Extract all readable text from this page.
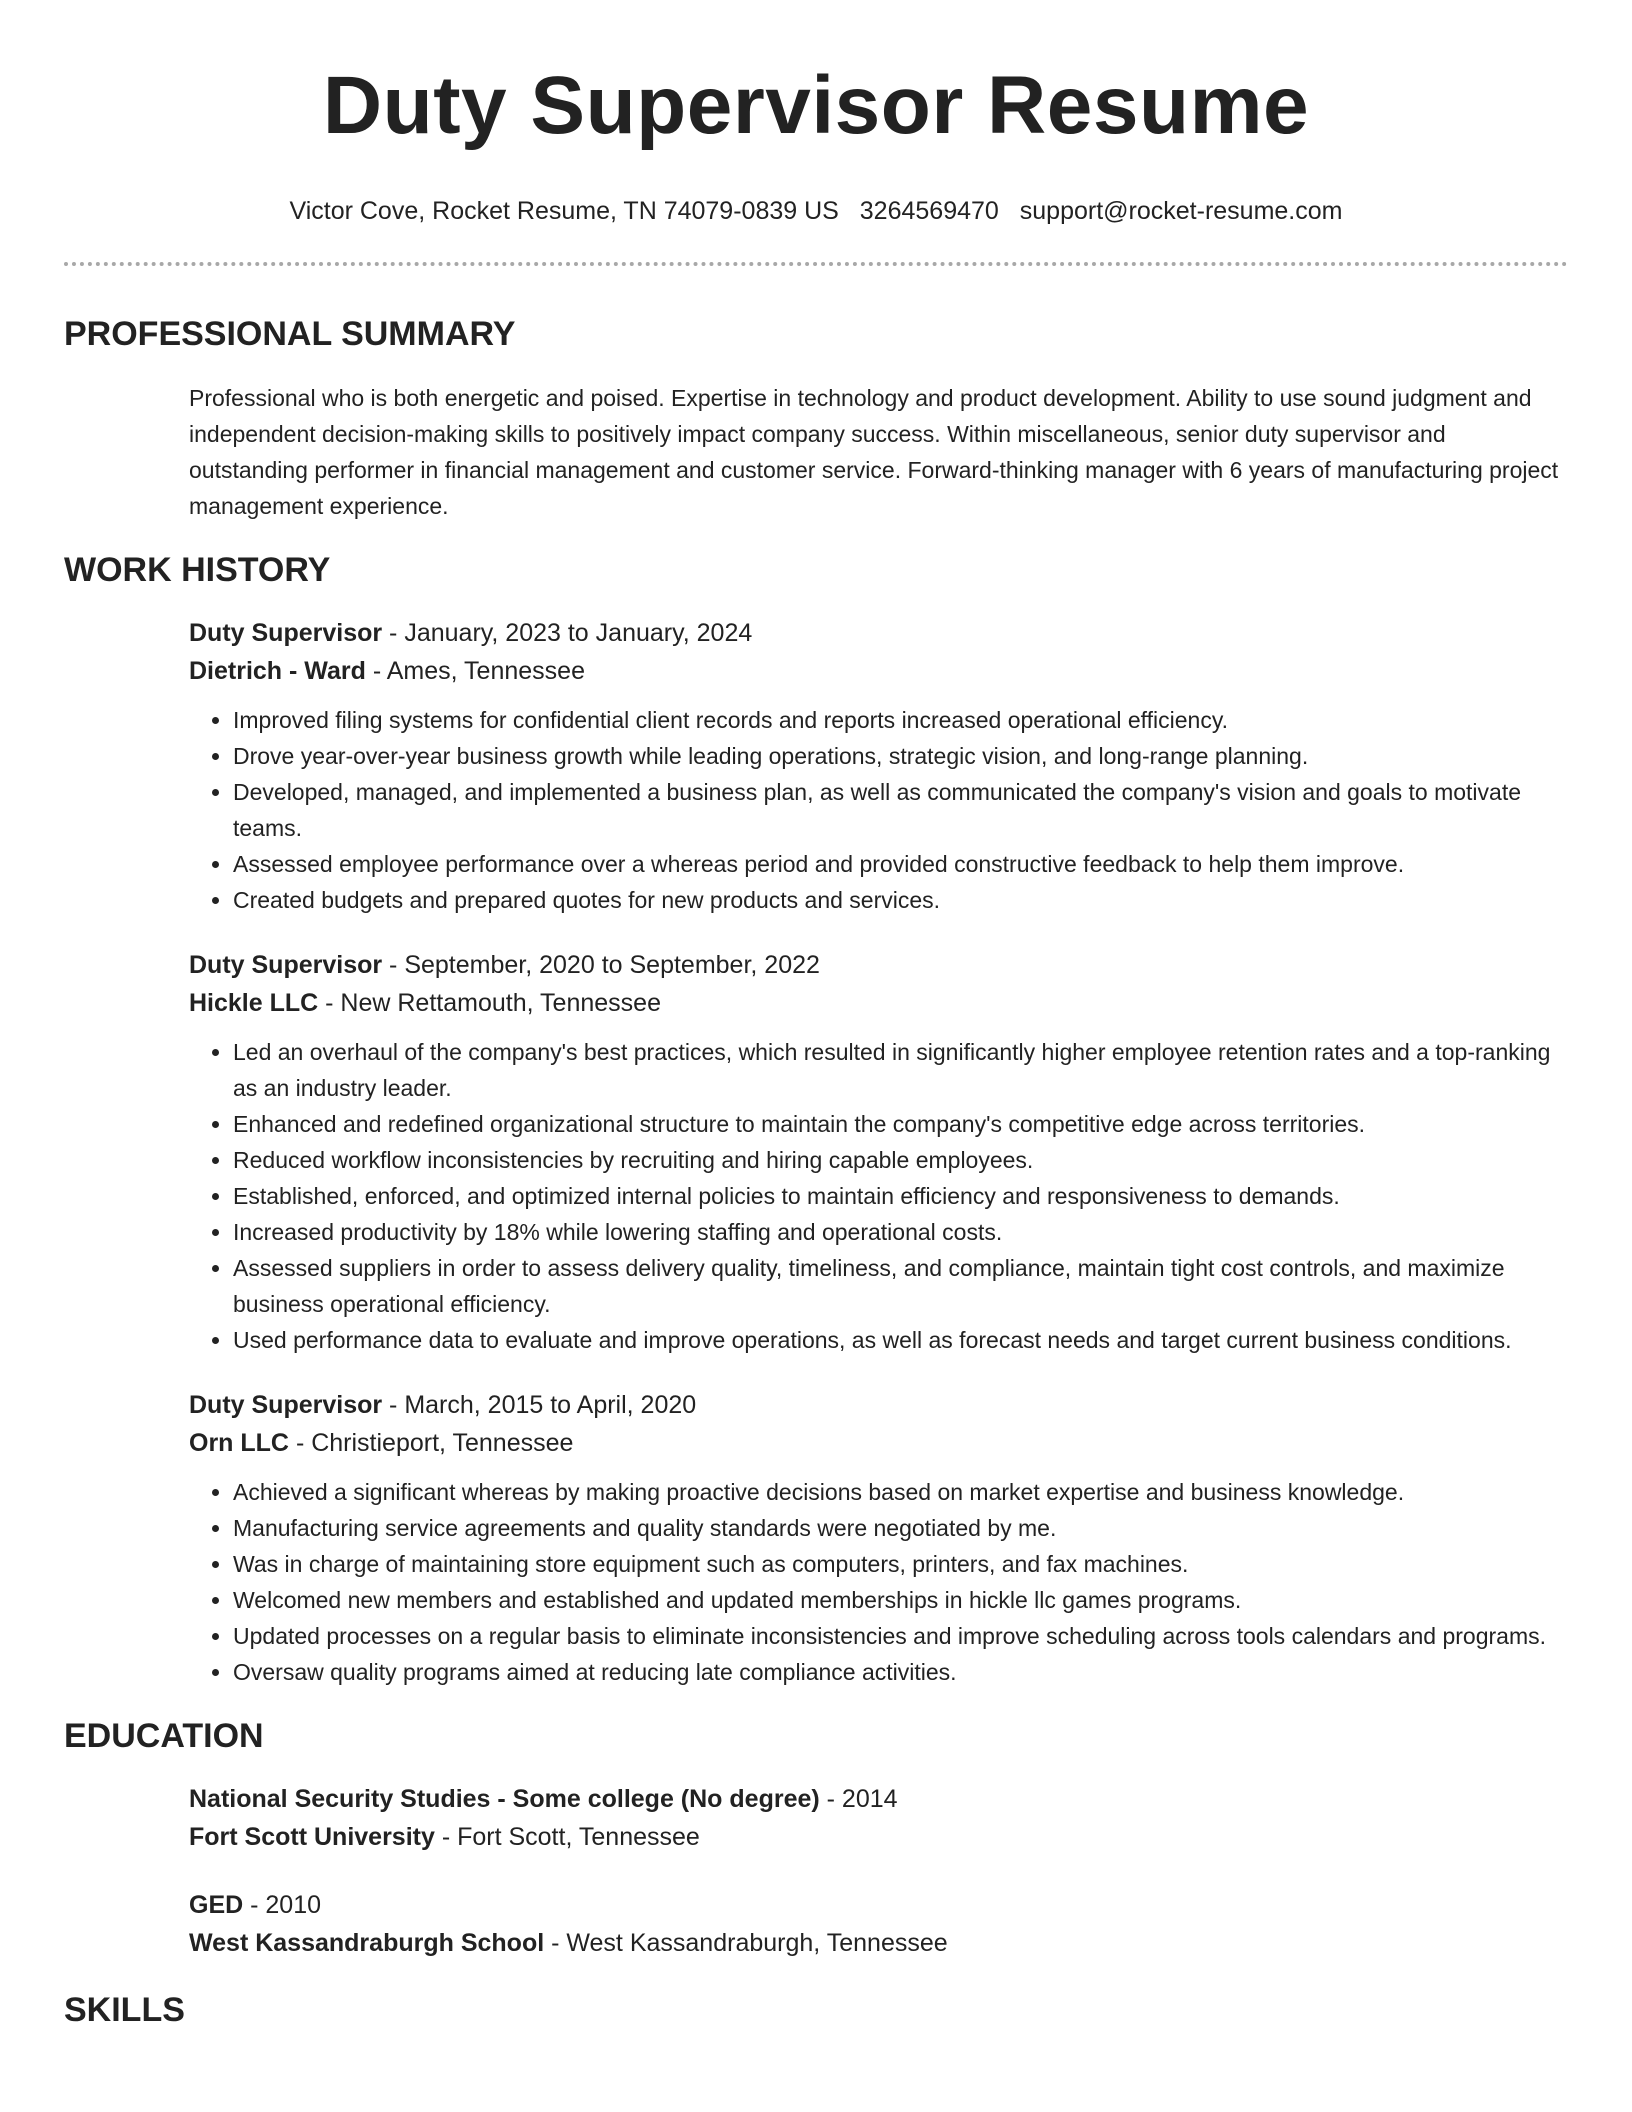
Duty Supervisor Resume
Victor Cove, Rocket Resume, TN 74079-0839 US 3264569470 support@rocket-resume.com
PROFESSIONAL SUMMARY
Professional who is both energetic and poised. Expertise in technology and product development. Ability to use sound judgment and independent decision-making skills to positively impact company success. Within miscellaneous, senior duty supervisor and outstanding performer in financial management and customer service. Forward-thinking manager with 6 years of manufacturing project management experience.
WORK HISTORY
Duty Supervisor - January, 2023 to January, 2024
Dietrich - Ward - Ames, Tennessee
• Improved filing systems for confidential client records and reports increased operational efficiency.
• Drove year-over-year business growth while leading operations, strategic vision, and long-range planning.
• Developed, managed, and implemented a business plan, as well as communicated the company's vision and goals to motivate teams.
• Assessed employee performance over a whereas period and provided constructive feedback to help them improve.
• Created budgets and prepared quotes for new products and services.
Duty Supervisor - September, 2020 to September, 2022
Hickle LLC - New Rettamouth, Tennessee
• Led an overhaul of the company's best practices, which resulted in significantly higher employee retention rates and a top-ranking as an industry leader.
• Enhanced and redefined organizational structure to maintain the company's competitive edge across territories.
• Reduced workflow inconsistencies by recruiting and hiring capable employees.
• Established, enforced, and optimized internal policies to maintain efficiency and responsiveness to demands.
• Increased productivity by 18% while lowering staffing and operational costs.
• Assessed suppliers in order to assess delivery quality, timeliness, and compliance, maintain tight cost controls, and maximize business operational efficiency.
• Used performance data to evaluate and improve operations, as well as forecast needs and target current business conditions.
Duty Supervisor - March, 2015 to April, 2020
Orn LLC - Christieport, Tennessee
• Achieved a significant whereas by making proactive decisions based on market expertise and business knowledge.
• Manufacturing service agreements and quality standards were negotiated by me.
• Was in charge of maintaining store equipment such as computers, printers, and fax machines.
• Welcomed new members and established and updated memberships in hickle llc games programs.
• Updated processes on a regular basis to eliminate inconsistencies and improve scheduling across tools calendars and programs.
• Oversaw quality programs aimed at reducing late compliance activities.
EDUCATION
National Security Studies - Some college (No degree) - 2014
Fort Scott University - Fort Scott, Tennessee
GED - 2010
West Kassandraburgh School - West Kassandraburgh, Tennessee
SKILLS
